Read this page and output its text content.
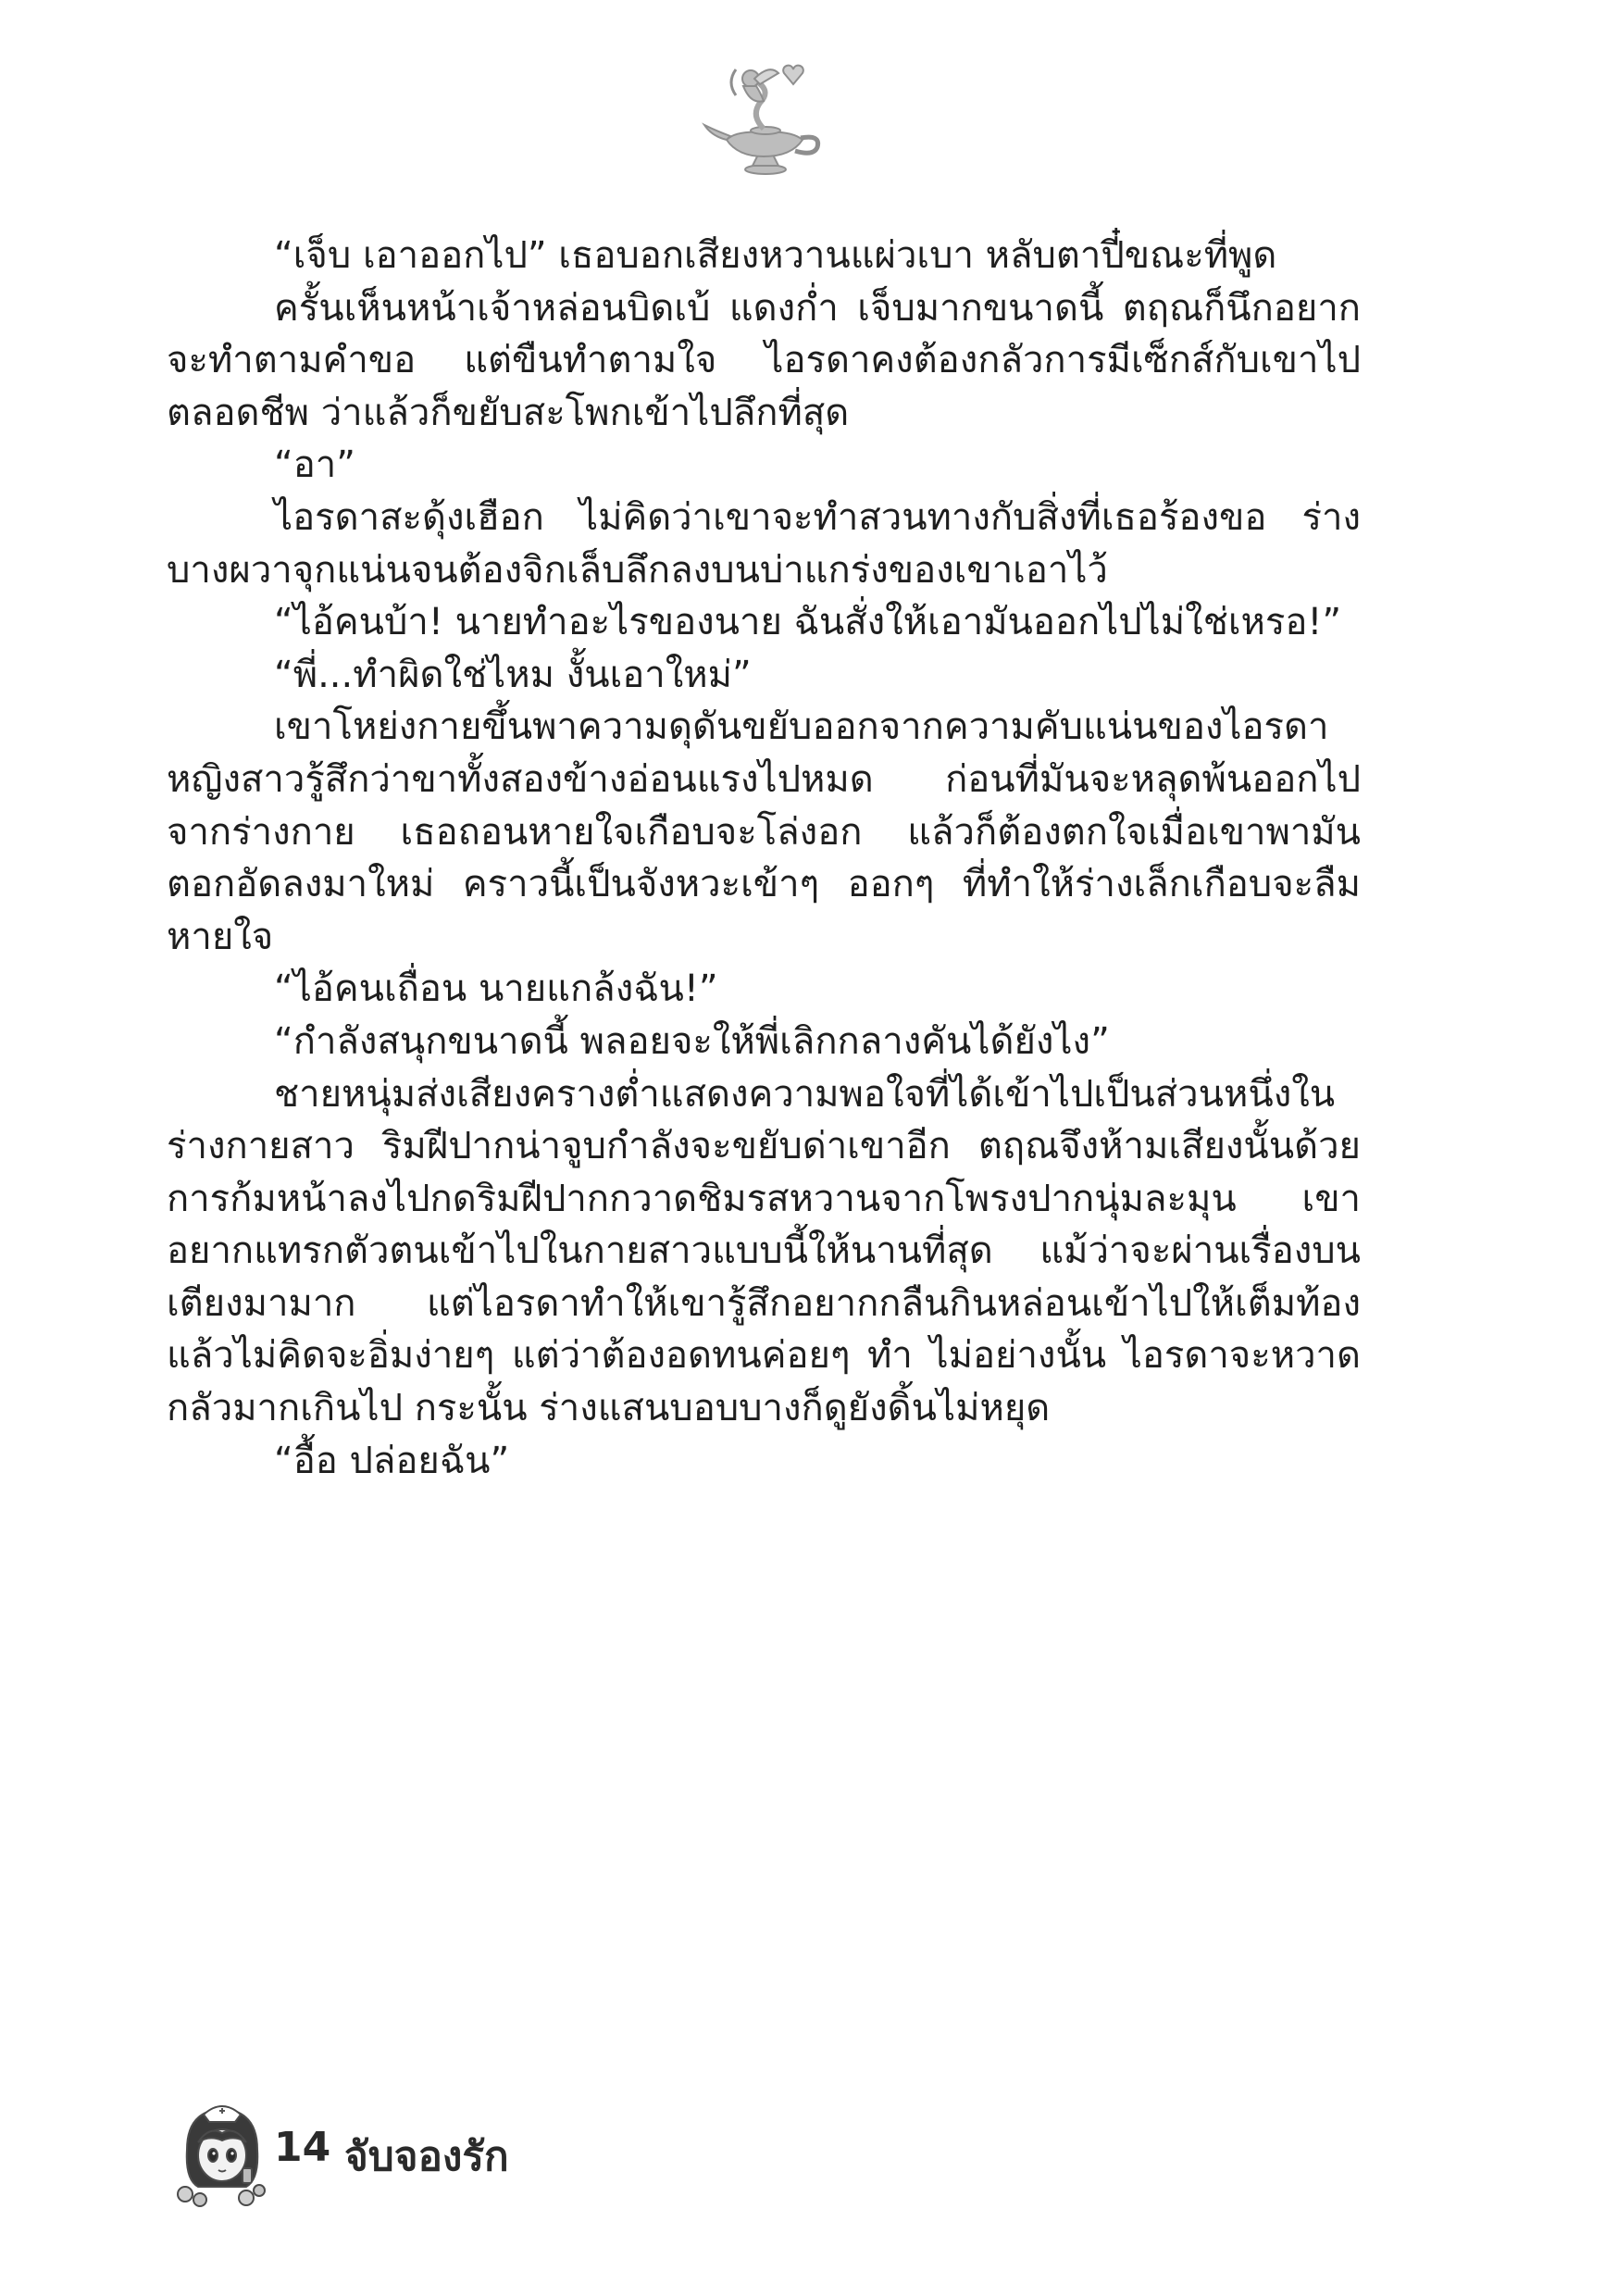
“เจ็บ เอาออกไป” เธอบอกเสียงหวานแผ่วเบา หลับตาปี๋ขณะที่พูด

ครั้นเห็นหน้าเจ้าหล่อนบิดเบ้ แดงก่ำ เจ็บมากขนาดนี้ ตฤณก็นึกอยากจะทำตามคำขอ แต่ขืนทำตามใจ ไอรดาคงต้องกลัวการมีเซ็กส์กับเขาไปตลอดชีพ ว่าแล้วก็ขยับสะโพกเข้าไปลึกที่สุด

“อา”

ไอรดาสะดุ้งเฮือก ไม่คิดว่าเขาจะทำสวนทางกับสิ่งที่เธอร้องขอ ร่างบางผวาจุกแน่นจนต้องจิกเล็บลึกลงบนบ่าแกร่งของเขาเอาไว้

“ไอ้คนบ้า! นายทำอะไรของนาย ฉันสั่งให้เอามันออกไปไม่ใช่เหรอ!”

“พี่...ทำผิดใช่ไหม งั้นเอาใหม่”

เขาโหย่งกายขึ้นพาความดุดันขยับออกจากความคับแน่นของไอรดา หญิงสาวรู้สึกว่าขาทั้งสองข้างอ่อนแรงไปหมด ก่อนที่มันจะหลุดพ้นออกไปจากร่างกาย เธอถอนหายใจเกือบจะโล่งอก แล้วก็ต้องตกใจเมื่อเขาพามันตอกอัดลงมาใหม่ คราวนี้เป็นจังหวะเข้าๆ ออกๆ ที่ทำให้ร่างเล็กเกือบจะลืมหายใจ

“ไอ้คนเถื่อน นายแกล้งฉัน!”

“กำลังสนุกขนาดนี้ พลอยจะให้พี่เลิกกลางคันได้ยังไง”

ชายหนุ่มส่งเสียงครางต่ำแสดงความพอใจที่ได้เข้าไปเป็นส่วนหนึ่งในร่างกายสาว ริมฝีปากน่าจูบกำลังจะขยับด่าเขาอีก ตฤณจึงห้ามเสียงนั้นด้วยการก้มหน้าลงไปกดริมฝีปากกวาดชิมรสหวานจากโพรงปากนุ่มละมุน เขาอยากแทรกตัวตนเข้าไปในกายสาวแบบนี้ให้นานที่สุด แม้ว่าจะผ่านเรื่องบนเตียงมามาก แต่ไอรดาทำให้เขารู้สึกอยากกลืนกินหล่อนเข้าไปให้เต็มท้องแล้วไม่คิดจะอิ่มง่ายๆ แต่ว่าต้องอดทนค่อยๆ ทำ ไม่อย่างนั้น ไอรดาจะหวาดกลัวมากเกินไป กระนั้น ร่างแสนบอบบางก็ดูยังดิ้นไม่หยุด

“อื้อ ปล่อยฉัน”

14 จับจองรัก
